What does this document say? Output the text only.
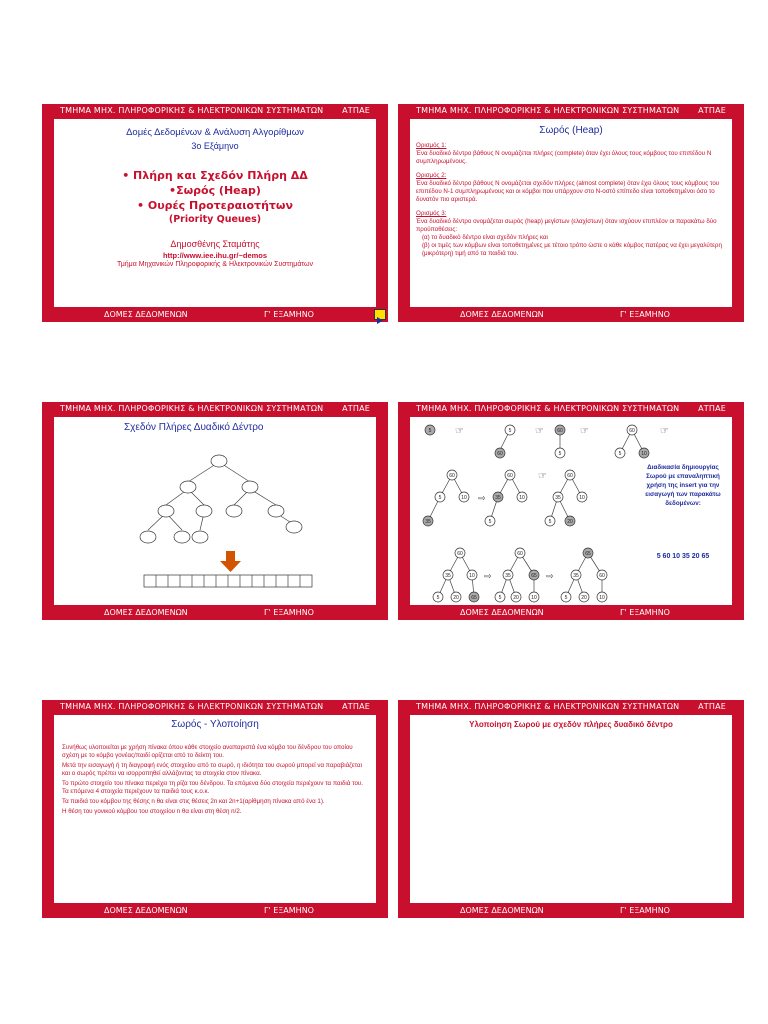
ΤΜΗΜΑ ΜΗΧ. ΠΛΗΡΟΦΟΡΙΚΗΣ & ΗΛΕΚΤΡΟΝΙΚΩΝ ΣΥΣΤΗΜΑΤΩΝ ΑΤΠΑΕ
Δομές Δεδομένων & Ανάλυση Αλγορίθμων
3ο Εξάμηνο
• Πλήρη και Σχεδόν Πλήρη ΔΔ
•Σωρός (Heap)
• Ουρές Προτεραιοτήτων
(Priority Queues)
Δημοσθένης Σταμάτης
http://www.iee.ihu.gr/~demos
Τμήμα Μηχανικών Πληροφορικής & Ηλεκτρονικών Συστημάτων
ΔΟΜΕΣ ΔΕΔΟΜΕΝΩΝ	Γ' ΕΞΑΜΗΝΟ
ΤΜΗΜΑ ΜΗΧ. ΠΛΗΡΟΦΟΡΙΚΗΣ & ΗΛΕΚΤΡΟΝΙΚΩΝ ΣΥΣΤΗΜΑΤΩΝ ΑΤΠΑΕ
Σωρός (Heap)
Ορισμός 1:
Ένα δυαδικό δέντρο βάθους Ν ονομάζεται πλήρες (complete) όταν έχει όλους τους κόμβους του επιπέδου Ν συμπληρωμένους.
Ορισμός 2:
Ένα δυαδικό δέντρο βάθους Ν ονομάζεται σχεδόν πλήρες (almost complete) όταν έχει όλους τους κόμβους του επιπέδου Ν-1 συμπληρωμένους και οι κόμβοι που υπάρχουν στο Ν-οστό επίπεδο είναι τοποθετημένοι όσο το δυνατόν πιο αριστερά.
Ορισμός 3:
Ένα δυαδικό δέντρο ονομάζεται σωρός (heap) μεγίστων (ελαχίστων) όταν ισχύουν επιπλέον οι παρακάτω δύο προϋποθέσεις:
(α) το δυαδικό δέντρο είναι σχεδόν πλήρες και
(β) οι τιμές των κόμβων είναι τοποθετημένες με τέτοιο τρόπο ώστε ο κάθε κόμβος πατέρας να έχει μεγαλύτερη (μικρότερη) τιμή από τα παιδιά του.
ΔΟΜΕΣ ΔΕΔΟΜΕΝΩΝ	Γ' ΕΞΑΜΗΝΟ
ΤΜΗΜΑ ΜΗΧ. ΠΛΗΡΟΦΟΡΙΚΗΣ & ΗΛΕΚΤΡΟΝΙΚΩΝ ΣΥΣΤΗΜΑΤΩΝ ΑΤΠΑΕ
Σχεδόν Πλήρες Δυαδικό Δέντρο
ΔΟΜΕΣ ΔΕΔΟΜΕΝΩΝ	Γ' ΕΞΑΜΗΝΟ
ΤΜΗΜΑ ΜΗΧ. ΠΛΗΡΟΦΟΡΙΚΗΣ & ΗΛΕΚΤΡΟΝΙΚΩΝ ΣΥΣΤΗΜΑΤΩΝ ΑΤΠΑΕ
5 ☞	5
60
☞	60
5
☞	60
5	10
☞
60
5	10
35
⇨
60
35	10
5
☞	60
35	10
5	20
60
35	10
5	20 65
⇨
60
35	65
5 20 10
⇨
65
35	60
5	20 10
Διαδικασία δημιουργίας Σωρού με επαναληπτική χρήση της insert για την εισαγωγή των παρακάτω δεδομένων:
5 60 10 35 20 65
ΔΟΜΕΣ ΔΕΔΟΜΕΝΩΝ	Γ' ΕΞΑΜΗΝΟ
ΤΜΗΜΑ ΜΗΧ. ΠΛΗΡΟΦΟΡΙΚΗΣ & ΗΛΕΚΤΡΟΝΙΚΩΝ ΣΥΣΤΗΜΑΤΩΝ ΑΤΠΑΕ
Σωρός - Υλοποίηση
Συνήθως υλοποιείται με χρήση πίνακα όπου κάθε στοιχείο αναπαριστά ένα κόμβο του δένδρου του οποίου σχέση με το κόμβο γονέας/παιδί ορίζεται από το δείκτη του.
Μετά την εισαγωγή ή τη διαγραφή ενός στοιχείου από το σωρό, η ιδιότητα του σωρού μπορεί να παραβιάζεται και ο σωρός πρέπει να ισορροπηθεί αλλάζοντας τα στοιχεία στον πίνακα.
Το πρώτο στοιχείο του πίνακα περιέχει τη ρίζα του δένδρου. Τα επόμενα δύο στοιχεία περιέχουν τα παιδιά του. Τα επόμενα 4 στοιχεία περιέχουν τα παιδιά τους κ.ο.κ.
Τα παιδιά του κόμβου της θέσης n θα είναι στις θέσεις 2n και 2n+1(αρίθμηση πίνακα από ένα 1).
Η θέση του γονικού κόμβου του στοιχείου n θα είναι στη θέση n/2.
ΔΟΜΕΣ ΔΕΔΟΜΕΝΩΝ	Γ' ΕΞΑΜΗΝΟ
ΤΜΗΜΑ ΜΗΧ. ΠΛΗΡΟΦΟΡΙΚΗΣ & ΗΛΕΚΤΡΟΝΙΚΩΝ ΣΥΣΤΗΜΑΤΩΝ ΑΤΠΑΕ
Υλοποίηση Σωρού με σχεδόν πλήρες δυαδικό δέντρο
ΔΟΜΕΣ ΔΕΔΟΜΕΝΩΝ	Γ' ΕΞΑΜΗΝΟ
